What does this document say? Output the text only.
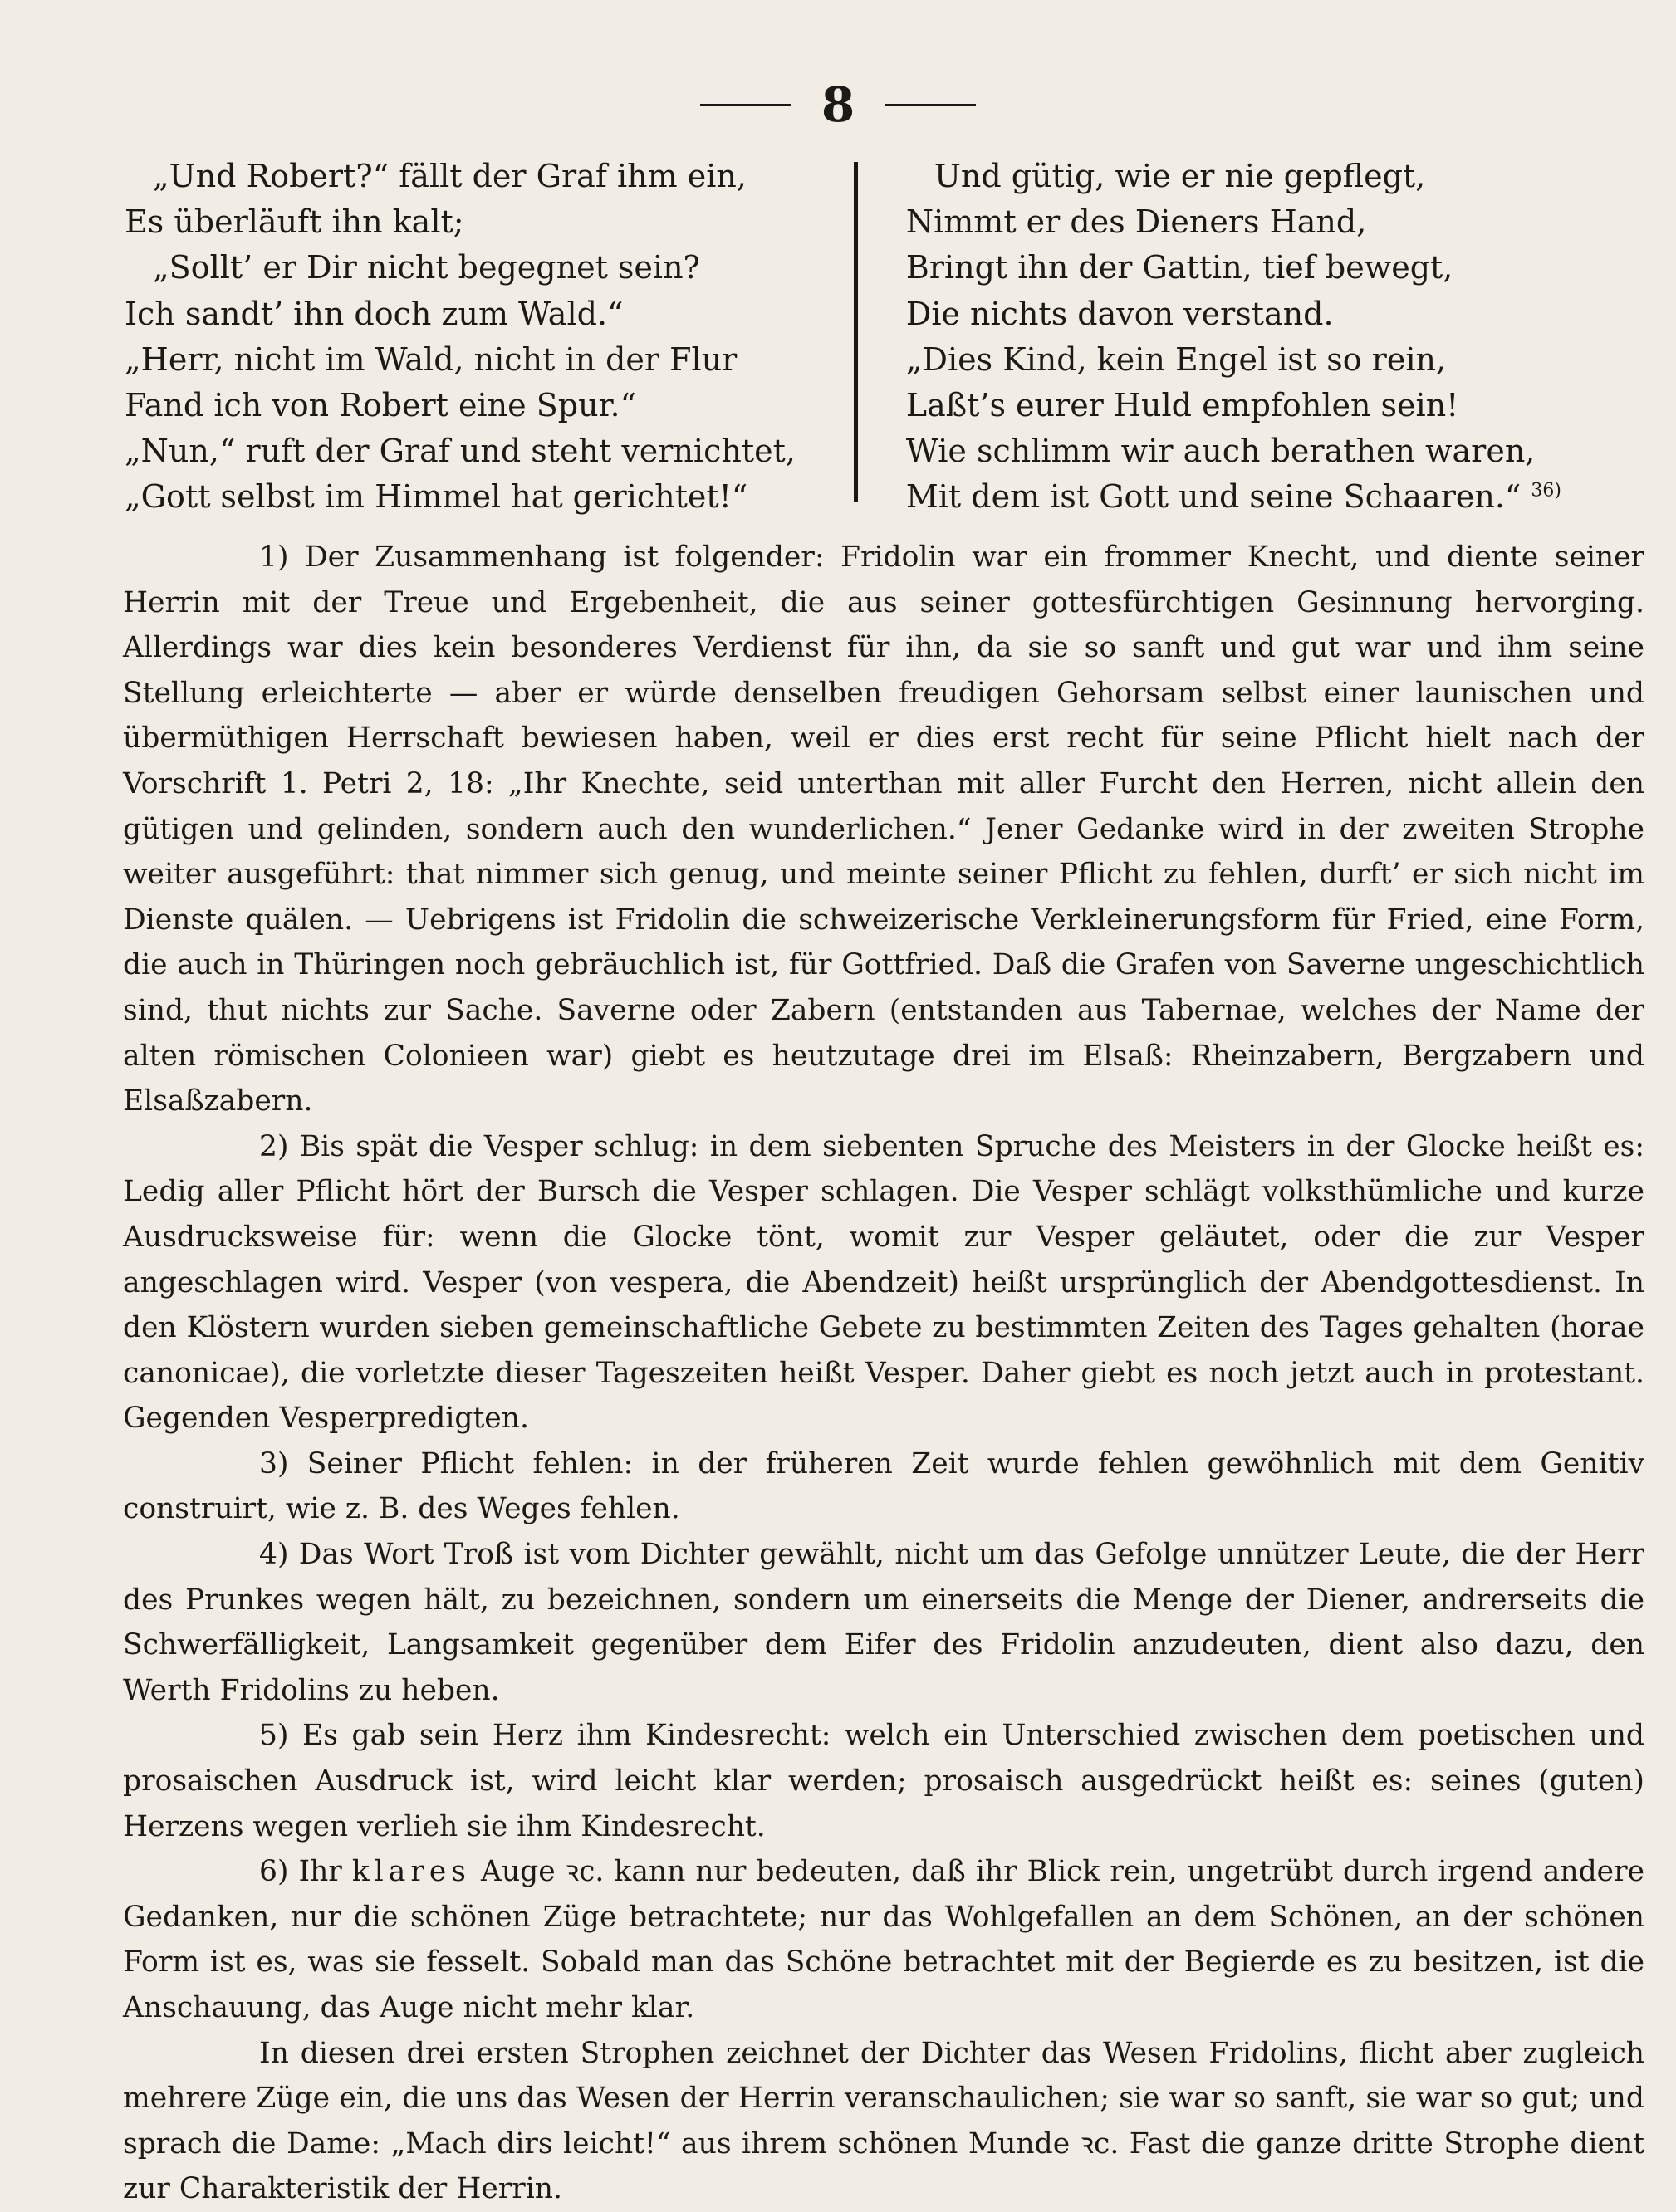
8
„Und Robert?“ fällt der Graf ihm ein,
Es überläuft ihn kalt;
„Sollt’ er Dir nicht begegnet sein?
Ich sandt’ ihn doch zum Wald.“
„Herr, nicht im Wald, nicht in der Flur
Fand ich von Robert eine Spur.“
„Nun,“ ruft der Graf und steht vernichtet,
„Gott selbst im Himmel hat gerichtet!“
Und gütig, wie er nie gepflegt,
Nimmt er des Dieners Hand,
Bringt ihn der Gattin, tief bewegt,
Die nichts davon verstand.
„Dies Kind, kein Engel ist so rein,
Laßt’s eurer Huld empfohlen sein!
Wie schlimm wir auch berathen waren,
Mit dem ist Gott und seine Schaaren.“ $^{36)}$

1) Der Zusammenhang ist folgender: Fridolin war ein frommer Knecht, und diente seiner Herrin mit der Treue und Ergebenheit, die aus seiner gottesfürchtigen Gesinnung hervorging. Allerdings war dies kein besonderes Verdienst für ihn, da sie so sanft und gut war und ihm seine Stellung erleichterte — aber er würde denselben freudigen Gehorsam selbst einer launischen und übermüthigen Herrschaft bewiesen haben, weil er dies erst recht für seine Pflicht hielt nach der Vorschrift 1. Petri 2, 18: „Ihr Knechte, seid unterthan mit aller Furcht den Herren, nicht allein den gütigen und gelinden, sondern auch den wunderlichen.“ Jener Gedanke wird in der zweiten Strophe weiter ausgeführt: that nimmer sich genug, und meinte seiner Pflicht zu fehlen, durft’ er sich nicht im Dienste quälen. — Uebrigens ist Fridolin die schweizerische Verkleinerungsform für Fried, eine Form, die auch in Thüringen noch gebräuchlich ist, für Gottfried. Daß die Grafen von Saverne ungeschichtlich sind, thut nichts zur Sache. Saverne oder Zabern (entstanden aus Tabernae, welches der Name der alten römischen Colonieen war) giebt es heutzutage drei im Elsaß: Rheinzabern, Bergzabern und Elsaßzabern.

2) Bis spät die Vesper schlug: in dem siebenten Spruche des Meisters in der Glocke heißt es: Ledig aller Pflicht hört der Bursch die Vesper schlagen. Die Vesper schlägt volksthümliche und kurze Ausdrucksweise für: wenn die Glocke tönt, womit zur Vesper geläutet, oder die zur Vesper angeschlagen wird. Vesper (von vespera, die Abendzeit) heißt ursprünglich der Abendgottesdienst. In den Klöstern wurden sieben gemeinschaftliche Gebete zu bestimmten Zeiten des Tages gehalten (horae canonicae), die vorletzte dieser Tageszeiten heißt Vesper. Daher giebt es noch jetzt auch in protestant. Gegenden Vesperpredigten.

3) Seiner Pflicht fehlen: in der früheren Zeit wurde fehlen gewöhnlich mit dem Genitiv construirt, wie z. B. des Weges fehlen.

4) Das Wort Troß ist vom Dichter gewählt, nicht um das Gefolge unnützer Leute, die der Herr des Prunkes wegen hält, zu bezeichnen, sondern um einerseits die Menge der Diener, andrerseits die Schwerfälligkeit, Langsamkeit gegenüber dem Eifer des Fridolin anzudeuten, dient also dazu, den Werth Fridolins zu heben.

5) Es gab sein Herz ihm Kindesrecht: welch ein Unterschied zwischen dem poetischen und prosaischen Ausdruck ist, wird leicht klar werden; prosaisch ausgedrückt heißt es: seines (guten) Herzens wegen verlieh sie ihm Kindesrecht.

6) Ihr klares Auge ꝛc. kann nur bedeuten, daß ihr Blick rein, ungetrübt durch irgend andere Gedanken, nur die schönen Züge betrachtete; nur das Wohlgefallen an dem Schönen, an der schönen Form ist es, was sie fesselt. Sobald man das Schöne betrachtet mit der Begierde es zu besitzen, ist die Anschauung, das Auge nicht mehr klar.

In diesen drei ersten Strophen zeichnet der Dichter das Wesen Fridolins, flicht aber zugleich mehrere Züge ein, die uns das Wesen der Herrin veranschaulichen; sie war so sanft, sie war so gut; und sprach die Dame: „Mach dirs leicht!“ aus ihrem schönen Munde ꝛc. Fast die ganze dritte Strophe dient zur Charakteristik der Herrin.
